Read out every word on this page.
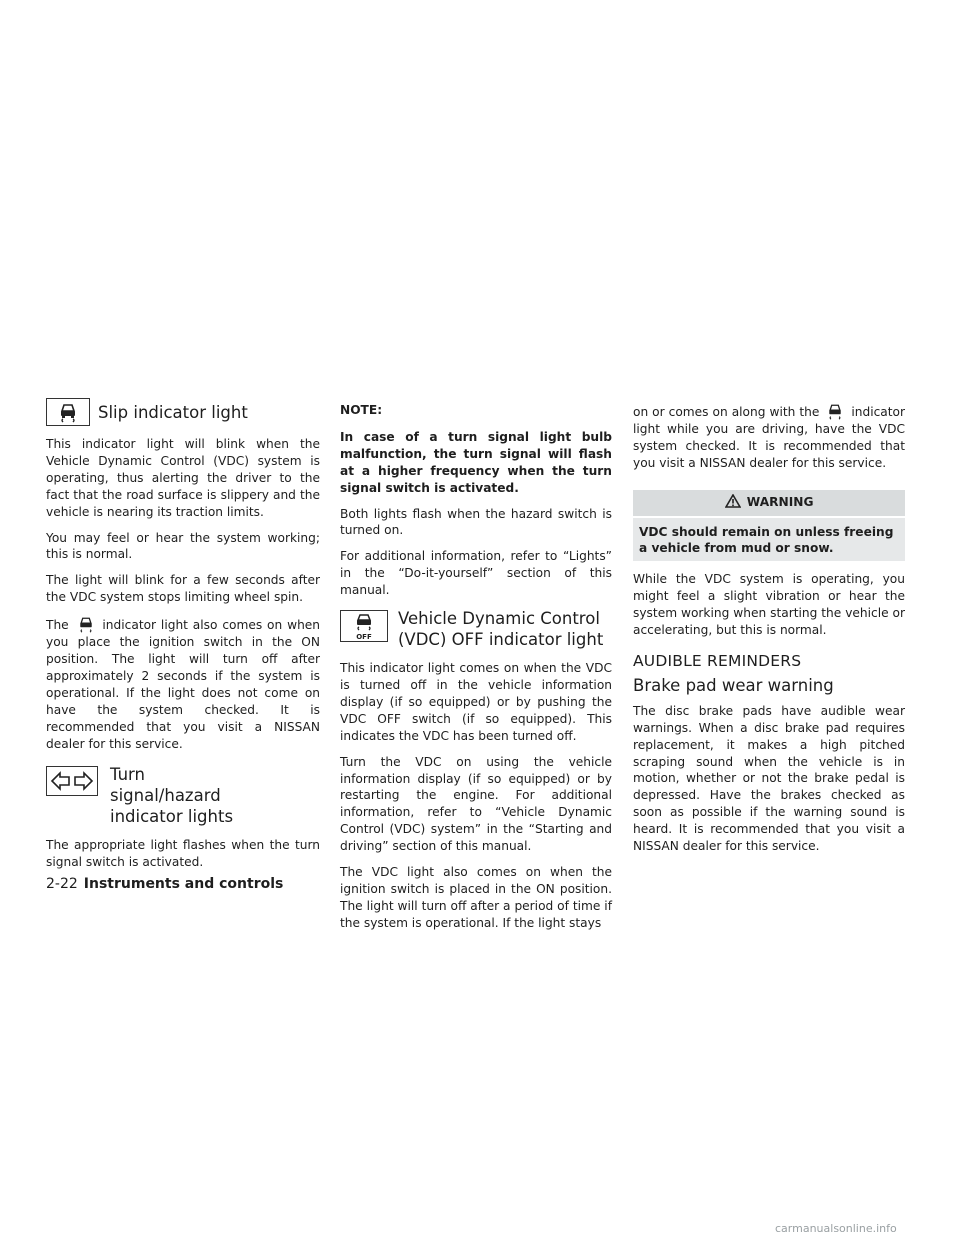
Slip indicator light

This indicator light will blink when the Vehicle Dynamic Control (VDC) system is operating, thus alerting the driver to the fact that the road surface is slippery and the vehicle is nearing its traction limits.

You may feel or hear the system working; this is normal.

The light will blink for a few seconds after the VDC system stops limiting wheel spin.

The	indicator light also comes on when you place the ignition switch in the ON position. The light will turn off after approximately 2 seconds if the system is operational. If the light does not come on have the system checked. It is recommended that you visit a NISSAN dealer for this service.

Turn signal/hazard indicator lights

The appropriate light flashes when the turn signal switch is activated.

NOTE:

In case of a turn signal light bulb malfunction, the turn signal will flash at a higher frequency when the turn signal switch is activated.

Both lights flash when the hazard switch is turned on.

For additional information, refer to “Lights” in the “Do-it-yourself” section of this manual.

OFF
Vehicle Dynamic Control (VDC) OFF indicator light

This indicator light comes on when the VDC is turned off in the vehicle information display (if so equipped) or by pushing the VDC OFF switch (if so equipped). This indicates the VDC has been turned off.

Turn the VDC on using the vehicle information display (if so equipped) or by restarting the engine. For additional information, refer to “Vehicle Dynamic Control (VDC) system” in the “Starting and driving” section of this manual.

The VDC light also comes on when the ignition switch is placed in the ON position. The light will turn off after a period of time if the system is operational. If the light stays

on or comes on along with the	indicator light while you are driving, have the VDC system checked. It is recommended that you visit a NISSAN dealer for this service.

WARNING
VDC should remain on unless freeing a vehicle from mud or snow.

While the VDC system is operating, you might feel a slight vibration or hear the system working when starting the vehicle or accelerating, but this is normal.

AUDIBLE REMINDERS
Brake pad wear warning

The disc brake pads have audible wear warnings. When a disc brake pad requires replacement, it makes a high pitched scraping sound when the vehicle is in motion, whether or not the brake pedal is depressed. Have the brakes checked as soon as possible if the warning sound is heard. It is recommended that you visit a NISSAN dealer for this service.

2-22 Instruments and controls
carmanualsonline.info
